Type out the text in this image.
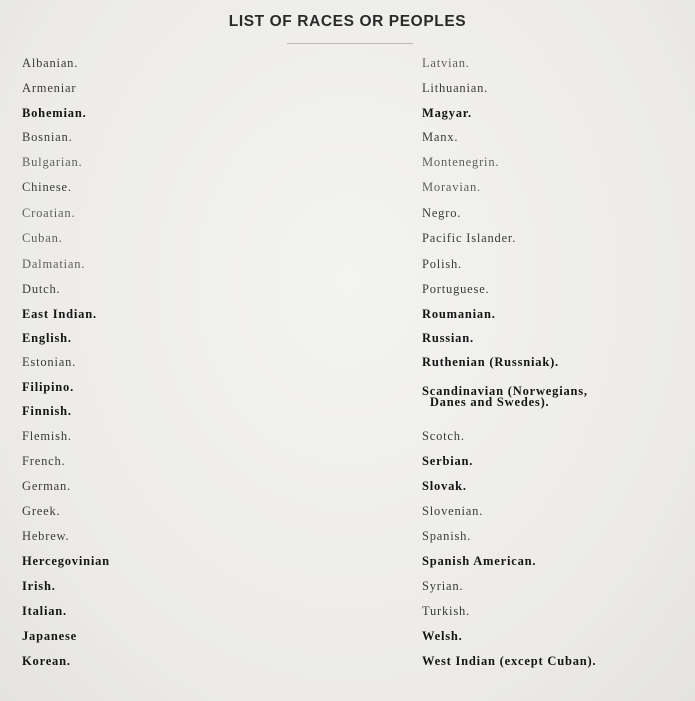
LIST OF RACES OR PEOPLES
Albanian.
Armeniar
Bohemian.
Bosnian.
Bulgarian.
Chinese.
Croatian.
Cuban.
Dalmatian.
Dutch.
East Indian.
English.
Estonian.
Filipino.
Finnish.
Flemish.
French.
German.
Greek.
Hebrew.
Hercegovinian
Irish.
Italian.
Japanese
Korean.
Latvian.
Lithuanian.
Magyar.
Manx.
Montenegrin.
Moravian.
Negro.
Pacific Islander.
Polish.
Portuguese.
Roumanian.
Russian.
Ruthenian (Russniak).
Scandinavian (Norwegians,
Danes and Swedes).
Scotch.
Serbian.
Slovak.
Slovenian.
Spanish.
Spanish American.
Syrian.
Turkish.
Welsh.
West Indian (except Cuban).
